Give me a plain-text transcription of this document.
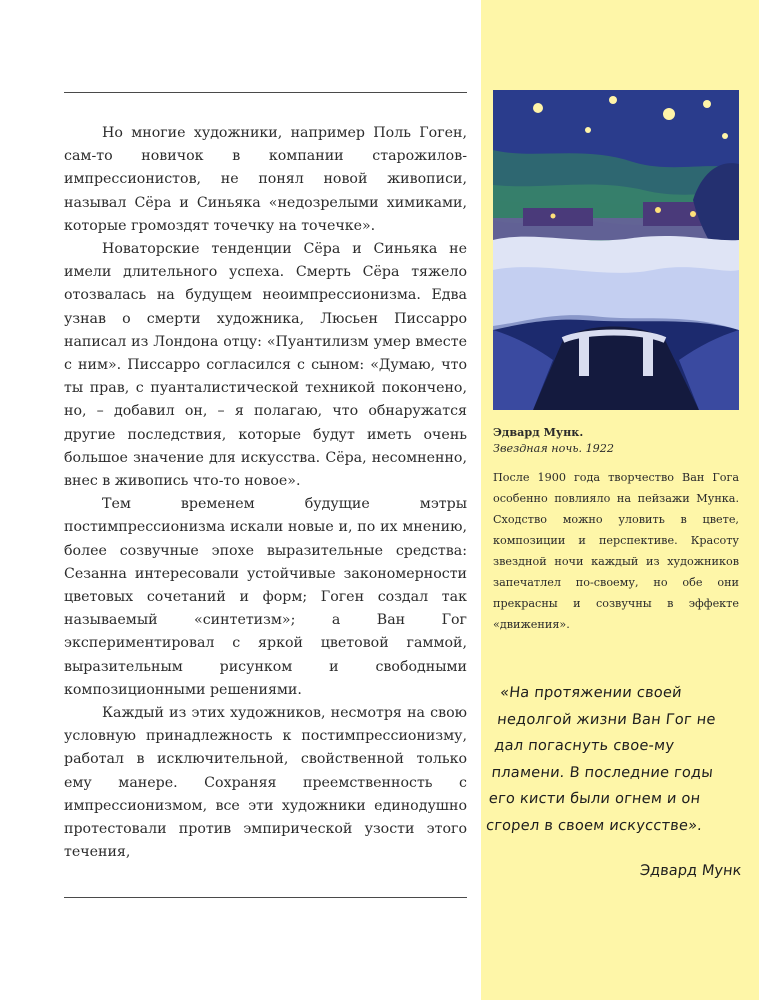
Но многие художники, например Поль Гоген, сам-то новичок в компании старожилов-импрессионистов, не понял новой живописи, называл Сёра и Синьяка «недозрелыми химиками, которые громоздят точечку на точечке».

Новаторские тенденции Сёра и Синьяка не имели длительного успеха. Смерть Сёра тяжело отозвалась на будущем неоимпрессионизма. Едва узнав о смерти художника, Люсьен Писсарро написал из Лондона отцу: «Пуантилизм умер вместе с ним». Писсарро согласился с сыном: «Думаю, что ты прав, с пуанталистической техникой покончено, но, – добавил он, – я полагаю, что обнаружатся другие последствия, которые будут иметь очень большое значение для искусства. Сёра, несомненно, внес в живопись что-то новое».

Тем временем будущие мэтры постимпрессионизма искали новые и, по их мнению, более созвучные эпохе выразительные средства: Сезанна интересовали устойчивые закономерности цветовых сочетаний и форм; Гоген создал так называемый «синтетизм»; а Ван Гог экспериментировал с яркой цветовой гаммой, выразительным рисунком и свободными композиционными решениями.

Каждый из этих художников, несмотря на свою условную принадлежность к постимпрессионизму, работал в исключительной, свойственной только ему манере. Сохраняя преемственность с импрессионизмом, все эти художники единодушно протестовали против эмпирической узости этого течения,

Эдвард Мунк.

Звездная ночь. 1922

После 1900 года творчество Ван Гога особенно повлияло на пейзажи Мунка. Сходство можно уловить в цвете, композиции и перспективе. Красоту звездной ночи каждый из художников запечатлел по-своему, но обе они прекрасны и созвучны в эффекте «движения».

«На протяжении своей недолгой жизни Ван Гог не дал погаснуть свое-му пламени. В последние годы его кисти были огнем и он сгорел в своем искусстве».

Эдвард Мунк
